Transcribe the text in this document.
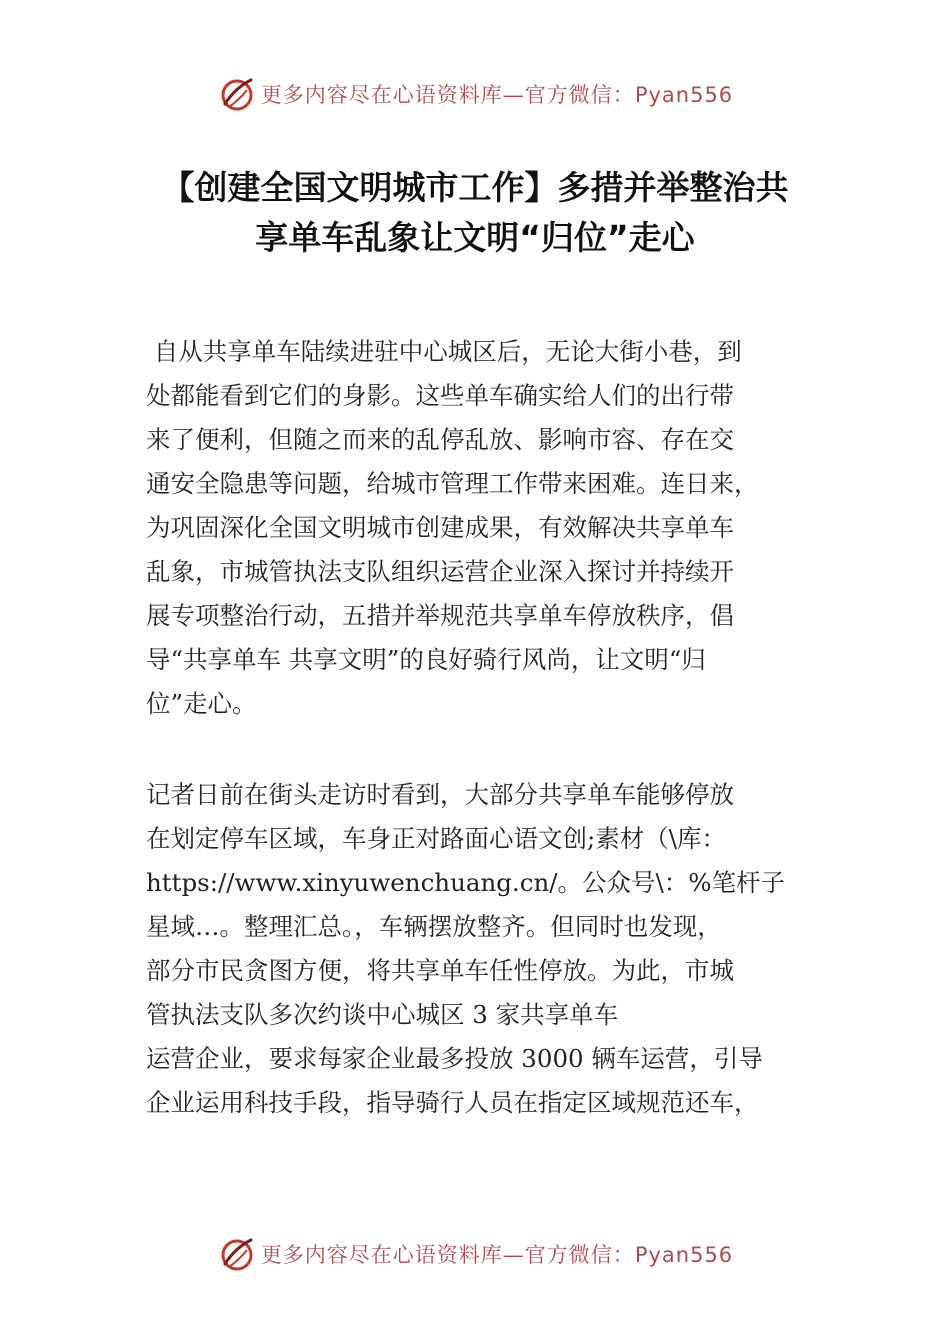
更多内容尽在心语资料库—官方微信：Pyan556
【创建全国文明城市工作】多措并举整治共
享单车乱象让文明“归位”走心
自从共享单车陆续进驻中心城区后，无论大街小巷，到
处都能看到它们的身影。这些单车确实给人们的出行带
来了便利，但随之而来的乱停乱放、影响市容、存在交
通安全隐患等问题，给城市管理工作带来困难。连日来，
为巩固深化全国文明城市创建成果，有效解决共享单车
乱象，市城管执法支队组织运营企业深入探讨并持续开
展专项整治行动，五措并举规范共享单车停放秩序，倡
导“共享单车 共享文明”的良好骑行风尚，让文明“归
位”走心。
记者日前在街头走访时看到，大部分共享单车能够停放
在划定停车区域，车身正对路面心语文创;素材（\库：
https://www.xinyuwenchuang.cn/。公众号\：%笔杆子
星域…。整理汇总。，车辆摆放整齐。但同时也发现，
部分市民贪图方便，将共享单车任性停放。为此，市城
管执法支队多次约谈中心城区 3 家共享单车
运营企业，要求每家企业最多投放 3000 辆车运营，引导
企业运用科技手段，指导骑行人员在指定区域规范还车，
更多内容尽在心语资料库—官方微信：Pyan556
